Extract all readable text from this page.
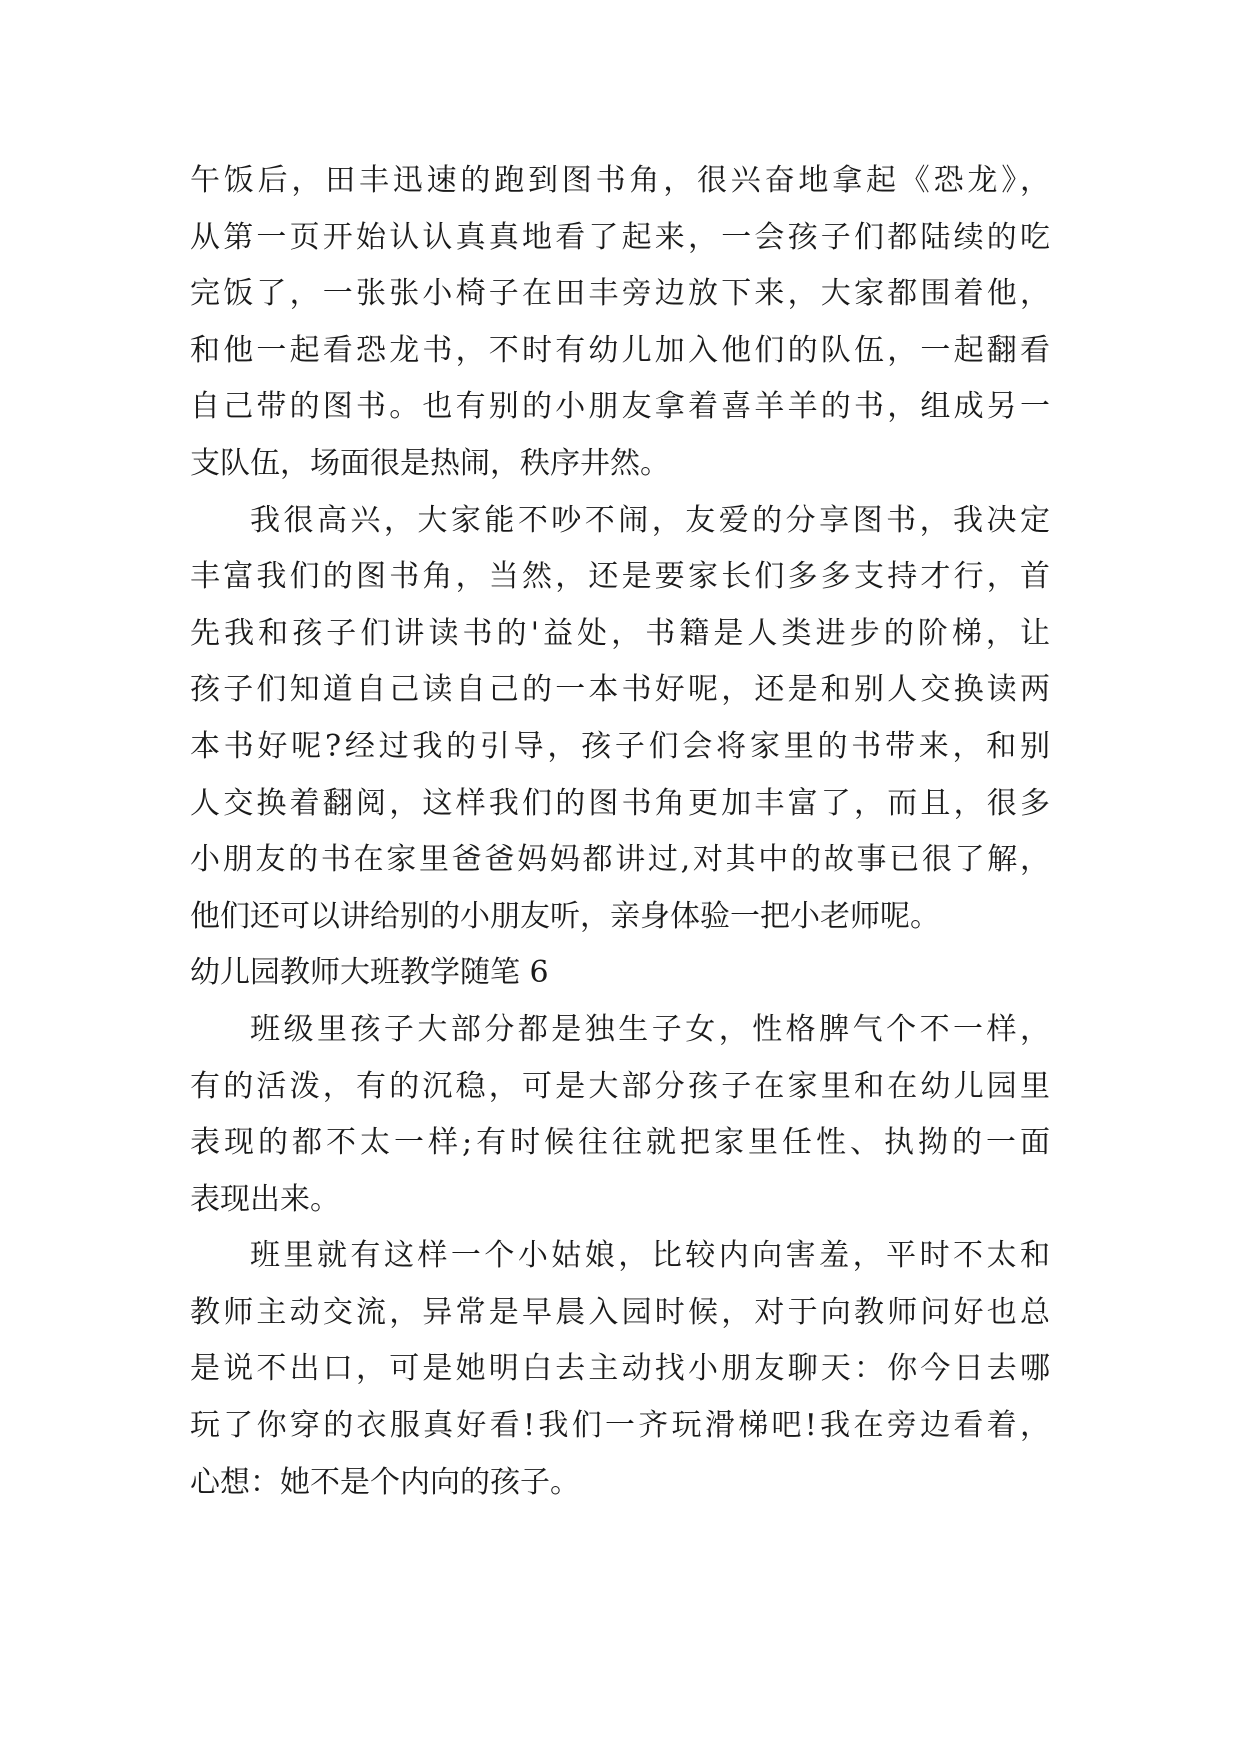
午饭后，田丰迅速的跑到图书角，很兴奋地拿起《恐龙》，
从第一页开始认认真真地看了起来，一会孩子们都陆续的吃
完饭了，一张张小椅子在田丰旁边放下来，大家都围着他，
和他一起看恐龙书，不时有幼儿加入他们的队伍，一起翻看
自己带的图书。也有别的小朋友拿着喜羊羊的书，组成另一
支队伍，场面很是热闹，秩序井然。
我很高兴，大家能不吵不闹，友爱的分享图书，我决定
丰富我们的图书角，当然，还是要家长们多多支持才行，首
先我和孩子们讲读书的'益处，书籍是人类进步的阶梯，让
孩子们知道自己读自己的一本书好呢，还是和别人交换读两
本书好呢?经过我的引导，孩子们会将家里的书带来，和别
人交换着翻阅，这样我们的图书角更加丰富了，而且，很多
小朋友的书在家里爸爸妈妈都讲过,对其中的故事已很了解，
他们还可以讲给别的小朋友听，亲身体验一把小老师呢。
幼儿园教师大班教学随笔 6
班级里孩子大部分都是独生子女，性格脾气个不一样，
有的活泼，有的沉稳，可是大部分孩子在家里和在幼儿园里
表现的都不太一样;有时候往往就把家里任性、执拗的一面
表现出来。
班里就有这样一个小姑娘，比较内向害羞，平时不太和
教师主动交流，异常是早晨入园时候，对于向教师问好也总
是说不出口，可是她明白去主动找小朋友聊天：你今日去哪
玩了你穿的衣服真好看!我们一齐玩滑梯吧!我在旁边看着，
心想：她不是个内向的孩子。
